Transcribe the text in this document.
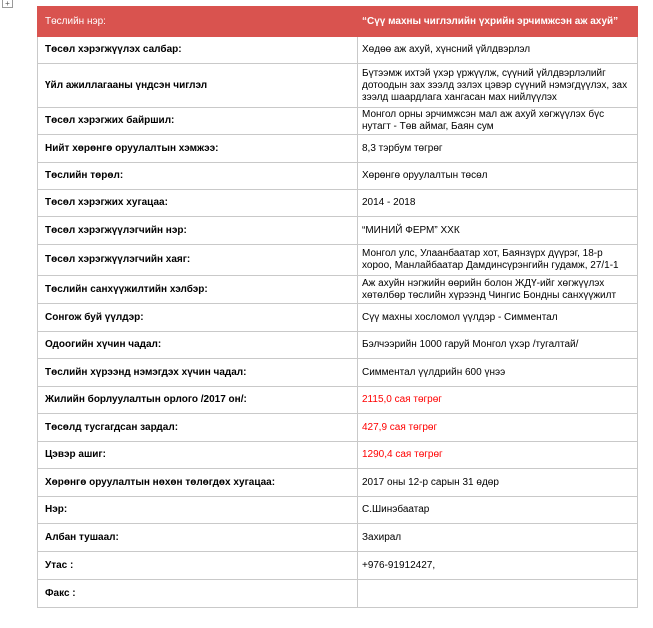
+
Төслийн нэр:	“Сүү махны чиглэлийн үхрийн эрчимжсэн аж ахуй”
Төсөл хэрэгжүүлэх салбар:	Хөдөө аж ахуй, хүнсний үйлдвэрлэл
Үйл ажиллагааны үндсэн чиглэл	Бүтээмж ихтэй үхэр үржүүлж, сүүний үйлдвэрлэлийг дотоодын зах зээлд эзлэх цэвэр сүүний нэмэгдүүлэх, зах зээлд шаардлага хангасан мах нийлүүлэх
Төсөл хэрэгжих байршил:	Монгол орны эрчимжсэн мал аж ахуй хөгжүүлэх бүс нутагт - Төв аймаг, Баян сум
Нийт хөрөнгө оруулалтын хэмжээ:	8,3 тэрбум төгрөг
Төслийн төрөл:	Хөрөнгө оруулалтын төсөл
Төсөл хэрэгжих хугацаа:	2014 - 2018
Төсөл хэрэгжүүлэгчийн нэр:	“МИНИЙ ФЕРМ” ХХК
Төсөл хэрэгжүүлэгчийн хаяг:	Монгол улс, Улаанбаатар хот, Баянзүрх дүүрэг, 18-р хороо, Манлайбаатар Дамдинсүрэнгийн гудамж, 27/1-1
Төслийн санхүүжилтийн хэлбэр:	Аж ахуйн нэгжийн өөрийн болон ЖДҮ-ийг хөгжүүлэх хөтөлбөр төслийн хүрээнд Чингис Бондны санхүүжилт
Сонгож буй үүлдэр:	Сүү махны хосломол үүлдэр - Симментал
Одоогийн хүчин чадал:	Бэлчээрийн 1000 гаруй Монгол үхэр /тугалтай/
Төслийн хүрээнд нэмэгдэх хүчин чадал:	Симментал үүлдрийн 600 үнээ
Жилийн борлуулалтын орлого /2017 он/:	2115,0 сая төгрөг
Төсөлд тусгагдсан зардал:	427,9 сая төгрөг
Цэвэр ашиг:	1290,4 сая төгрөг
Хөрөнгө оруулалтын нөхөн төлөгдөх хугацаа:	2017 оны 12-р сарын 31 өдөр
Нэр:	С.Шинэбаатар
Албан тушаал:	Захирал
Утас :	+976-91912427,
Факс :	
